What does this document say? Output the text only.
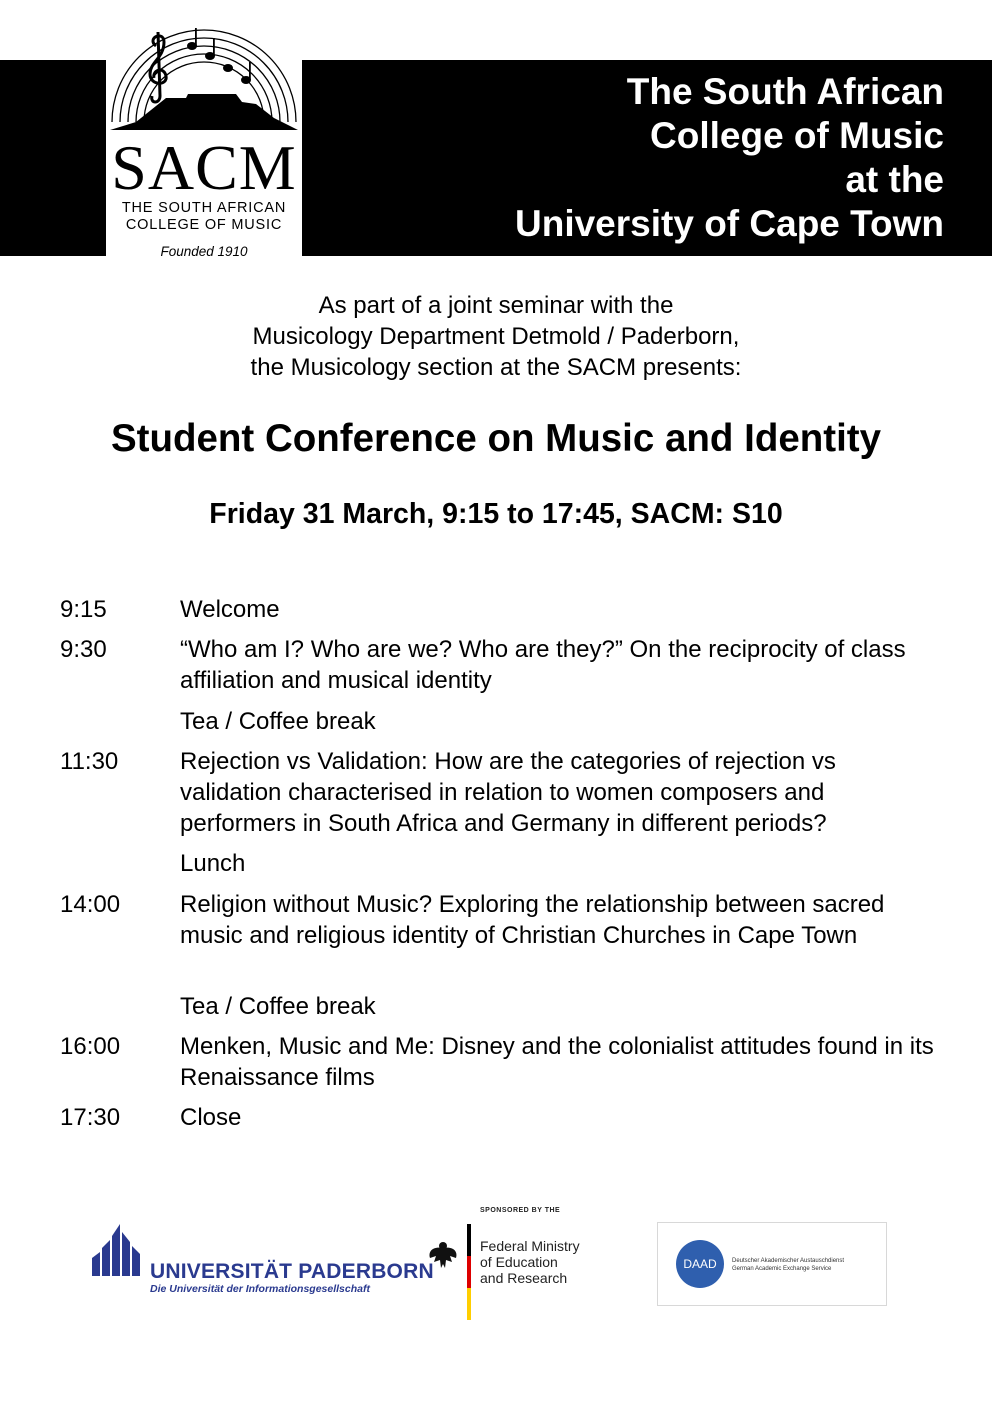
SACM
THE SOUTH AFRICAN
COLLEGE OF MUSIC
Founded 1910
The South African
College of Music
at the
University of Cape Town
As part of a joint seminar with the
Musicology Department Detmold / Paderborn,
the Musicology section at the SACM presents:
Student Conference on Music and Identity
Friday 31 March, 9:15 to 17:45, SACM: S10
9:15	Welcome
9:30	“Who am I? Who are we? Who are they?” On the reciprocity of class affiliation and musical identity
Tea / Coffee break
11:30	Rejection vs Validation: How are the categories of rejection vs validation characterised in relation to women composers and performers in South Africa and Germany in different periods?
Lunch
14:00 Religion without Music? Exploring the relationship between sacred music and religious identity of Christian Churches in Cape Town
Tea / Coffee break
16:00 Menken, Music and Me: Disney and the colonialist attitudes found in its Renaissance films
17:30 Close
UNIVERSITÄT PADERBORN
Die Universität der Informationsgesellschaft
SPONSORED BY THE
Federal Ministry
of Education
and Research
DAAD	Deutscher Akademischer Austauschdienst
German Academic Exchange Service
